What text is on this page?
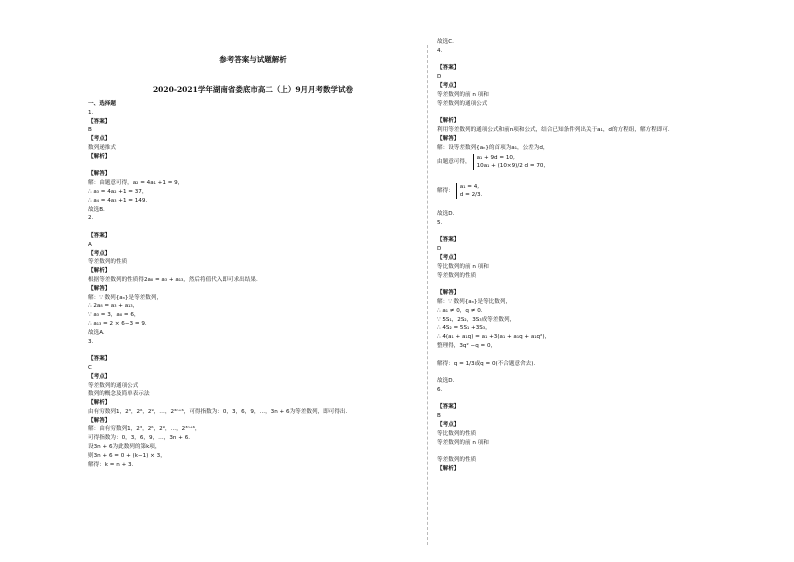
参考答案与试题解析
2020-2021学年湖南省娄底市高二（上）9月月考数学试卷
一、选择题
1.
【答案】
B
【考点】
数列递推式
【解析】
【解答】
解：由题意可得，a₂ = 4a₁ +1 = 9，
∴ a₃ = 4a₂ +1 = 37，
∴ a₄ = 4a₃ +1 = 149.
故选B.
2.
【答案】
A
【考点】
等差数列的性质
【解析】
根据等差数列的性质得2a₈ = a₃ + a₁₃，然后将值代入即可求出结果.
【解答】
解：∵ 数列{aₙ}是等差数列，
∴ 2a₈ = a₃ + a₁₃，
∵ a₃ = 3，a₈ = 6，
∴ a₁₃ = 2 × 6−3 = 9.
故选A.
3.
【答案】
C
【考点】
等差数列的通项公式
数列的概念及简单表示法
【解析】
由有穷数列1，2³，2⁶，2⁹，…，2³ⁿ⁺⁶，可得指数为：0，3，6，9，…，3n + 6为等差数列，即可得出.
【解答】
解：由有穷数列1，2³，2⁶，2⁹，…，2³ⁿ⁺⁶，
可得指数为：0，3，6，9，…，3n + 6.
设3n + 6为此数列的第k项，
则3n + 6 = 0 + (k−1) × 3，
解得：k = n + 3.
故选C.
4.
【答案】
D
【考点】
等差数列的前 n 项和
等差数列的通项公式
【解析】
利用等差数列的通项公式和前n项和公式，结合已知条件列出关于a₁，d的方程组，解方程即可.
【解答】
解：设等差数列{aₙ}的首项为a₁，公差为d，
由题意可得，
a₁ + 9d = 10,
10a₁ + (10×9)/2 d = 70,
解得：
a₁ = 4,
d = 2/3.
故选D.
5.
【答案】
D
【考点】
等比数列的前 n 项和
等差数列的性质
【解答】
解：∵ 数列{aₙ}是等比数列，
∴ a₁ ≠ 0，q ≠ 0.
∵ 5S₁，2S₂，3S₃成等差数列，
∴ 4S₂ = 5S₁ +3S₃，
∴ 4(a₁ + a₁q) = a₁ +3(a₁ + a₁q + a₁q²)，
整理得，3q² −q = 0，
解得：q = 1/3或q = 0(不合题意舍去).
故选D.
6.
【答案】
B
【考点】
等比数列的性质
等差数列的前 n 项和
等差数列的性质
【解析】
